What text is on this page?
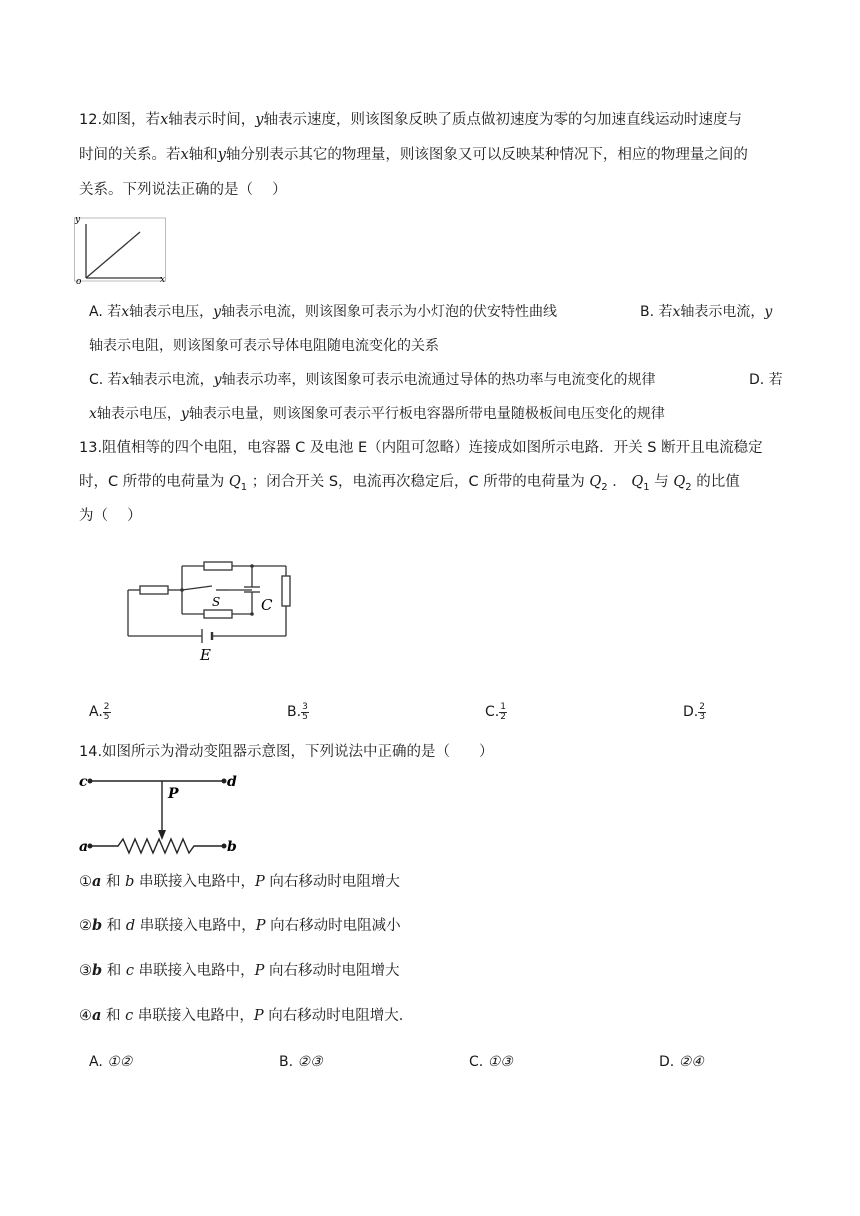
12.如图，若x轴表示时间，y轴表示速度，则该图象反映了质点做初速度为零的匀加速直线运动时速度与
时间的关系。若x轴和y轴分别表示其它的物理量，则该图象又可以反映某种情况下，相应的物理量之间的
关系。下列说法正确的是（　 ）
y
x
o
A. 若x轴表示电压，y轴表示电流，则该图象可表示为小灯泡的伏安特性曲线	B. 若x轴表示电流，y
轴表示电阻，则该图象可表示导体电阻随电流变化的关系
C. 若x轴表示电流，y轴表示功率，则该图象可表示电流通过导体的热功率与电流变化的规律	D. 若
x轴表示电压，y轴表示电量，则该图象可表示平行板电容器所带电量随极板间电压变化的规律
13.阻值相等的四个电阻，电容器 C 及电池 E（内阻可忽略）连接成如图所示电路．开关 S 断开且电流稳定
时，C 所带的电荷量为 $Q_1$ ；闭合开关 S，电流再次稳定后，C 所带的电荷量为 $Q_2$ ． $Q_1$ 与 $Q_2$ 的比值
为（　 ）
S	C
E
A. $\frac{2}{5}$	B. $\frac{3}{5}$	C. $\frac{1}{2}$	D. $\frac{2}{3}$
14.如图所示为滑动变阻器示意图，下列说法中正确的是（　　）
c	d
P
a	b
①a 和 b 串联接入电路中，P 向右移动时电阻增大
②b 和 d 串联接入电路中，P 向右移动时电阻减小
③b 和 c 串联接入电路中，P 向右移动时电阻增大
④a 和 c 串联接入电路中，P 向右移动时电阻增大．
A. ①②	B. ②③	C. ①③	D. ②④
